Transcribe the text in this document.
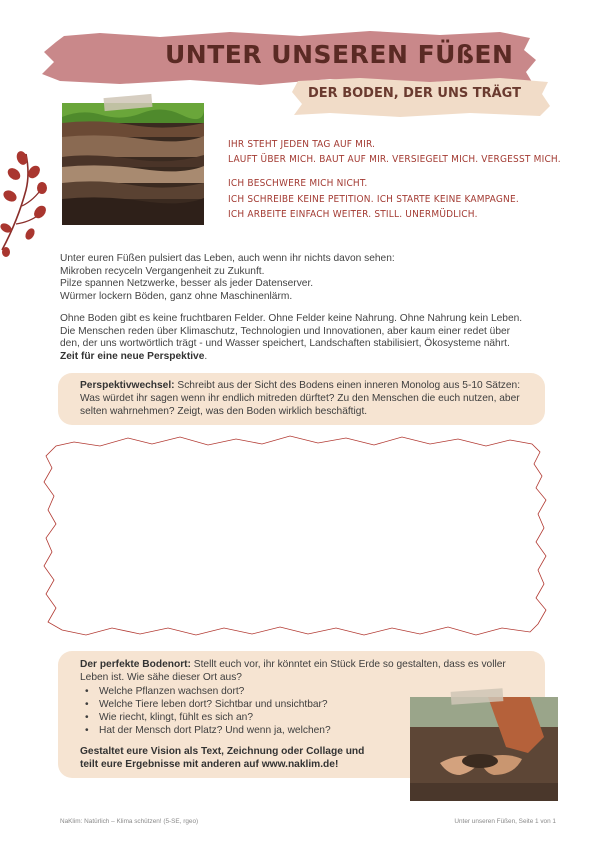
UNTER UNSEREN FÜßEN
DER BODEN, DER UNS TRÄGT
IHR STEHT JEDEN TAG AUF MIR.
LAUFT ÜBER MICH. BAUT AUF MIR. VERSIEGELT MICH. VERGESST MICH.
ICH BESCHWERE MICH NICHT.
ICH SCHREIBE KEINE PETITION. ICH STARTE KEINE KAMPAGNE.
ICH ARBEITE EINFACH WEITER. STILL. UNERMÜDLICH.
Unter euren Füßen pulsiert das Leben, auch wenn ihr nichts davon sehen:
Mikroben recyceln Vergangenheit zu Zukunft.
Pilze spannen Netzwerke, besser als jeder Datenserver.
Würmer lockern Böden, ganz ohne Maschinenlärm.
Ohne Boden gibt es keine fruchtbaren Felder. Ohne Felder keine Nahrung. Ohne Nahrung kein Leben.
Die Menschen reden über Klimaschutz, Technologien und Innovationen, aber kaum einer redet über
den, der uns wortwörtlich trägt - und Wasser speichert, Landschaften stabilisiert, Ökosysteme nährt.
Zeit für eine neue Perspektive.
Perspektivwechsel: Schreibt aus der Sicht des Bodens einen inneren Monolog aus 5-10 Sätzen: Was würdet ihr sagen wenn ihr endlich mitreden dürftet? Zu den Menschen die euch nutzen, aber selten wahrnehmen? Zeigt, was den Boden wirklich beschäftigt.
Der perfekte Bodenort: Stellt euch vor, ihr könntet ein Stück Erde so gestalten, dass es voller Leben ist. Wie sähe dieser Ort aus?
• Welche Pflanzen wachsen dort?
• Welche Tiere leben dort? Sichtbar und unsichtbar?
• Wie riecht, klingt, fühlt es sich an?
• Hat der Mensch dort Platz? Und wenn ja, welchen?
Gestaltet eure Vision als Text, Zeichnung oder Collage und teilt eure Ergebnisse mit anderen auf www.naklim.de!
NaKlim: Natürlich – Klima schützen! (5-SE, rgeo)	Unter unseren Füßen, Seite 1 von 1
